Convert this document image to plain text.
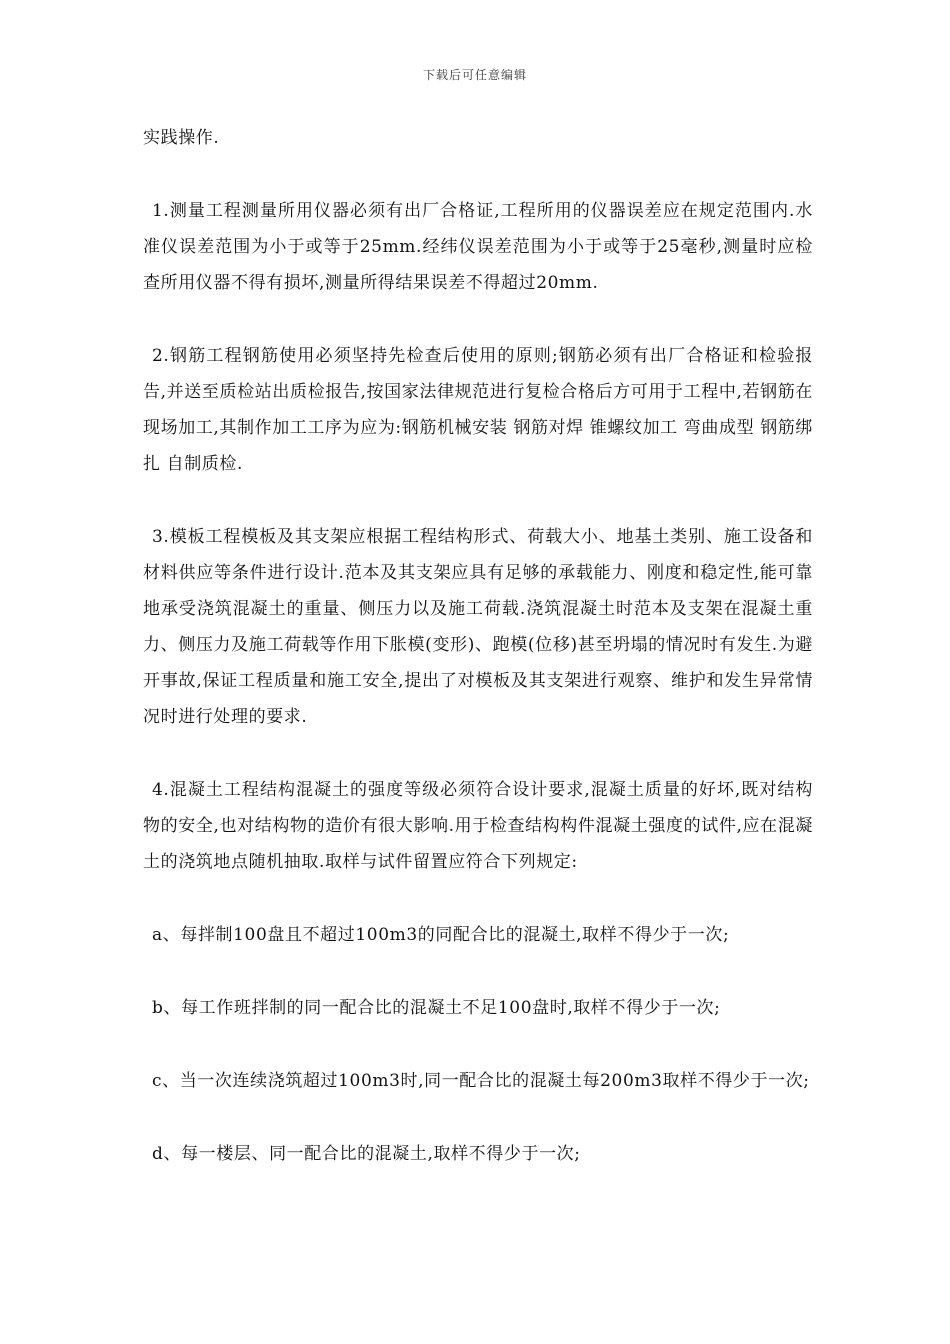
下载后可任意编辑

实践操作.

1.测量工程测量所用仪器必须有出厂合格证,工程所用的仪器误差应在规定范围内.水准仪误差范围为小于或等于25mm.经纬仪误差范围为小于或等于25毫秒,测量时应检查所用仪器不得有损坏,测量所得结果误差不得超过20mm.

2.钢筋工程钢筋使用必须坚持先检查后使用的原则;钢筋必须有出厂合格证和检验报告,并送至质检站出质检报告,按国家法律规范进行复检合格后方可用于工程中,若钢筋在现场加工,其制作加工工序为应为:钢筋机械安装 钢筋对焊 锥螺纹加工 弯曲成型 钢筋绑扎 自制质检.

3.模板工程模板及其支架应根据工程结构形式、荷载大小、地基土类别、施工设备和材料供应等条件进行设计.范本及其支架应具有足够的承载能力、刚度和稳定性,能可靠地承受浇筑混凝土的重量、侧压力以及施工荷载.浇筑混凝土时范本及支架在混凝土重力、侧压力及施工荷载等作用下胀模(变形)、跑模(位移)甚至坍塌的情况时有发生.为避开事故,保证工程质量和施工安全,提出了对模板及其支架进行观察、维护和发生异常情况时进行处理的要求.

4.混凝土工程结构混凝土的强度等级必须符合设计要求,混凝土质量的好坏,既对结构物的安全,也对结构物的造价有很大影响.用于检查结构构件混凝土强度的试件,应在混凝土的浇筑地点随机抽取.取样与试件留置应符合下列规定:

a、每拌制100盘且不超过100m3的同配合比的混凝土,取样不得少于一次;

b、每工作班拌制的同一配合比的混凝土不足100盘时,取样不得少于一次;

c、当一次连续浇筑超过100m3时,同一配合比的混凝土每200m3取样不得少于一次;

d、每一楼层、同一配合比的混凝土,取样不得少于一次;
